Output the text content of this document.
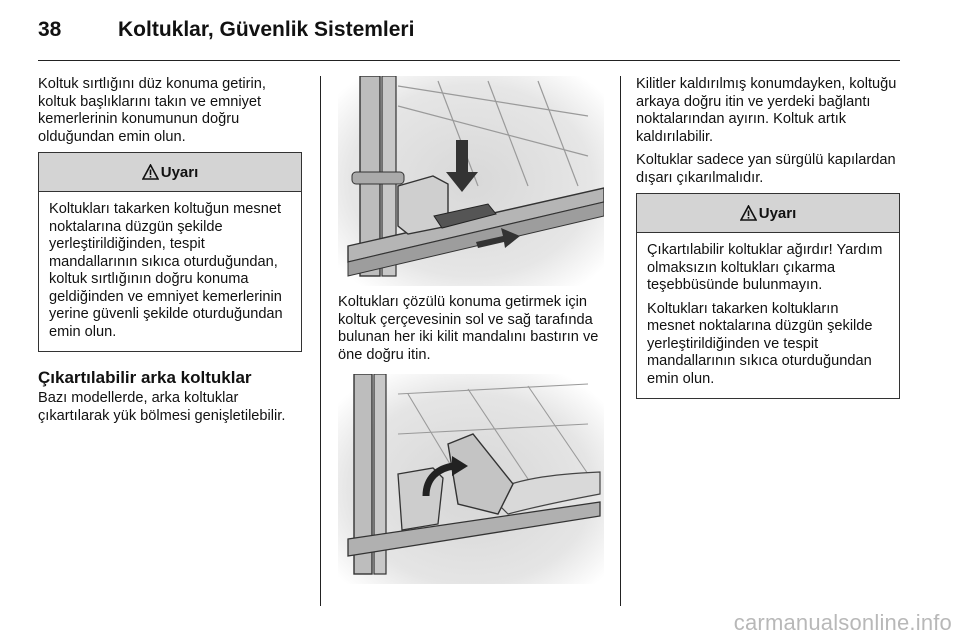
38	Koltuklar, Güvenlik Sistemleri

Koltuk sırtlığını düz konuma getirin, koltuk başlıklarını takın ve emniyet kemerlerinin konumunun doğru olduğundan emin olun.

Uyarı

Koltukları takarken koltuğun mesnet noktalarına düzgün şekilde yerleştirildiğinden, tespit mandallarının sıkıca oturduğundan, koltuk sırtlığının doğru konuma geldiğinden ve emniyet kemerlerinin yerine güvenli şekilde oturduğundan emin olun.

Çıkartılabilir arka koltuklar

Bazı modellerde, arka koltuklar çıkartılarak yük bölmesi genişletilebilir.

Koltukları çözülü konuma getirmek için koltuk çerçevesinin sol ve sağ tarafında bulunan her iki kilit mandalını bastırın ve öne doğru itin.

Kilitler kaldırılmış konumdayken, koltuğu arkaya doğru itin ve yerdeki bağlantı noktalarından ayırın. Koltuk artık kaldırılabilir.

Koltuklar sadece yan sürgülü kapılardan dışarı çıkarılmalıdır.

Uyarı

Çıkartılabilir koltuklar ağırdır! Yardım olmaksızın koltukları çıkarma teşebbüsünde bulunmayın.

Koltukları takarken koltukların mesnet noktalarına düzgün şekilde yerleştirildiğinden ve tespit mandallarının sıkıca oturduğundan emin olun.

carmanualsonline.info
